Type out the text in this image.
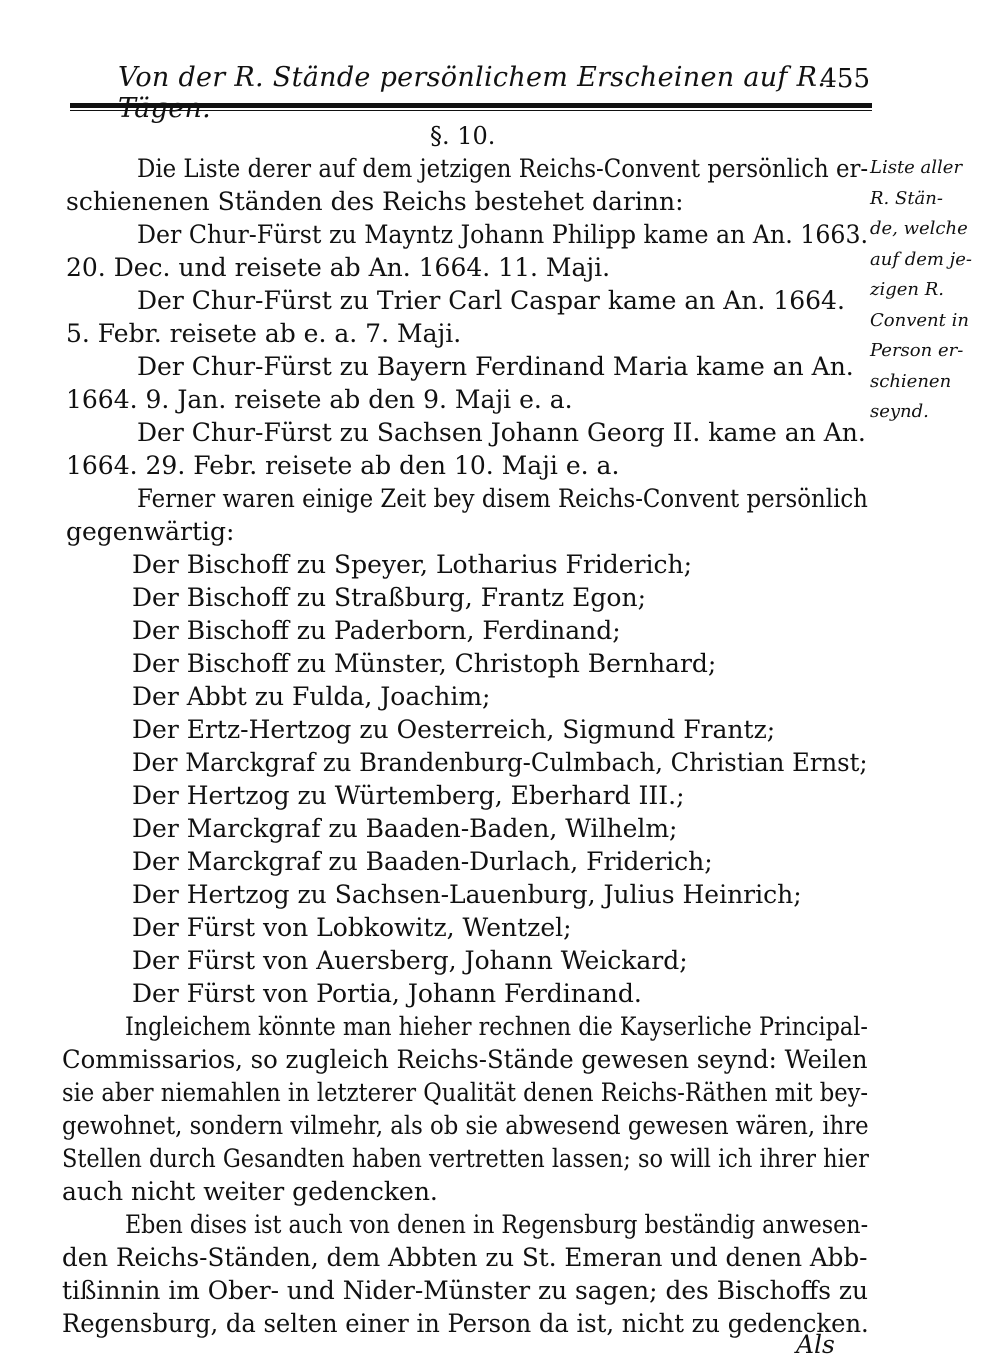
Von der R. Stände persönlichem Erscheinen auf R. Tägen.
455
§. 10.
Die Liste derer auf dem jetzigen Reichs-Convent persönlich er-
schienenen Ständen des Reichs bestehet darinn:
Der Chur-Fürst zu Mayntz Johann Philipp kame an An. 1663.
20. Dec. und reisete ab An. 1664. 11. Maji.
Der Chur-Fürst zu Trier Carl Caspar kame an An. 1664.
5. Febr. reisete ab e. a. 7. Maji.
Der Chur-Fürst zu Bayern Ferdinand Maria kame an An.
1664. 9. Jan. reisete ab den 9. Maji e. a.
Der Chur-Fürst zu Sachsen Johann Georg II. kame an An.
1664. 29. Febr. reisete ab den 10. Maji e. a.
Ferner waren einige Zeit bey disem Reichs-Convent persönlich
gegenwärtig:
Der Bischoff zu Speyer, Lotharius Friderich;
Der Bischoff zu Straßburg, Frantz Egon;
Der Bischoff zu Paderborn, Ferdinand;
Der Bischoff zu Münster, Christoph Bernhard;
Der Abbt zu Fulda, Joachim;
Der Ertz-Hertzog zu Oesterreich, Sigmund Frantz;
Der Marckgraf zu Brandenburg-Culmbach, Christian Ernst;
Der Hertzog zu Würtemberg, Eberhard III.;
Der Marckgraf zu Baaden-Baden, Wilhelm;
Der Marckgraf zu Baaden-Durlach, Friderich;
Der Hertzog zu Sachsen-Lauenburg, Julius Heinrich;
Der Fürst von Lobkowitz, Wentzel;
Der Fürst von Auersberg, Johann Weickard;
Der Fürst von Portia, Johann Ferdinand.
Ingleichem könnte man hieher rechnen die Kayserliche Principal-
Commissarios, so zugleich Reichs-Stände gewesen seynd: Weilen
sie aber niemahlen in letzterer Qualität denen Reichs-Räthen mit bey-
gewohnet, sondern vilmehr, als ob sie abwesend gewesen wären, ihre
Stellen durch Gesandten haben vertretten lassen; so will ich ihrer hier
auch nicht weiter gedencken.
Eben dises ist auch von denen in Regensburg beständig anwesen-
den Reichs-Ständen, dem Abbten zu St. Emeran und denen Abb-
tißinnin im Ober- und Nider-Münster zu sagen; des Bischoffs zu
Regensburg, da selten einer in Person da ist, nicht zu gedencken.
Liste aller
R. Stän-
de, welche
auf dem je-
zigen R.
Convent in
Person er-
schienen
seynd.
Als
